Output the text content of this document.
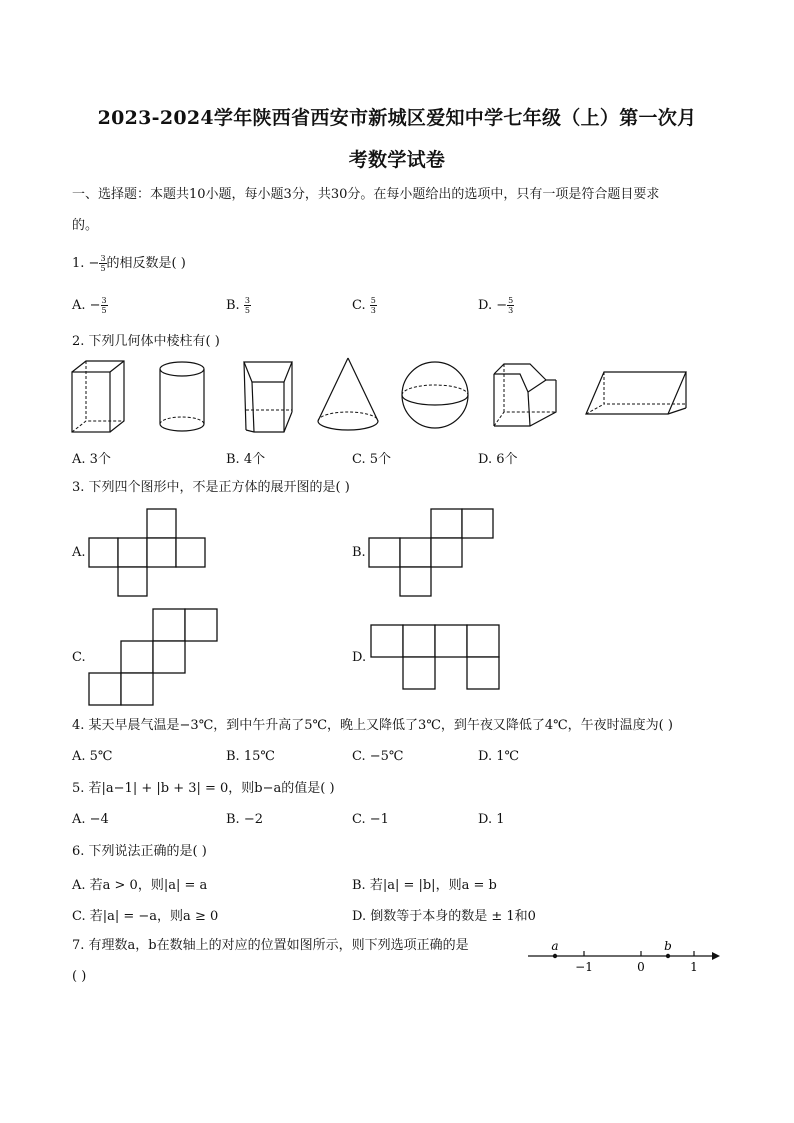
2023-2024学年陕西省西安市新城区爱知中学七年级（上）第一次月
考数学试卷
一、选择题：本题共10小题，每小题3分，共30分。在每小题给出的选项中，只有一项是符合题目要求
的。
1. − $\frac{3}{5}$ 的相反数是( )
A. − $\frac{3}{5}$	B. $\frac{3}{5}$	C. $\frac{5}{3}$	D. − $\frac{5}{3}$
2. 下列几何体中棱柱有( )
A. 3个	B. 4个	C. 5个	D. 6个
3. 下列四个图形中，不是正方体的展开图的是( )
A.	B.
C.	D.
4. 某天早晨气温是−3℃，到中午升高了5℃，晚上又降低了3℃，到午夜又降低了4℃，午夜时温度为( )
A. 5℃	B. 15℃	C. −5℃	D. 1℃
5. 若|a−1| + |b + 3| = 0，则b−a的值是( )
A. −4	B. −2	C. −1	D. 1
6. 下列说法正确的是( )
A. 若a > 0，则|a| = a	B. 若|a| = |b|，则a = b
C. 若|a| = −a，则a ≥ 0	D. 倒数等于本身的数是 ± 1和0
7. 有理数a，b在数轴上的对应的位置如图所示，则下列选项正确的是
( )
a	b
−1	0	1
